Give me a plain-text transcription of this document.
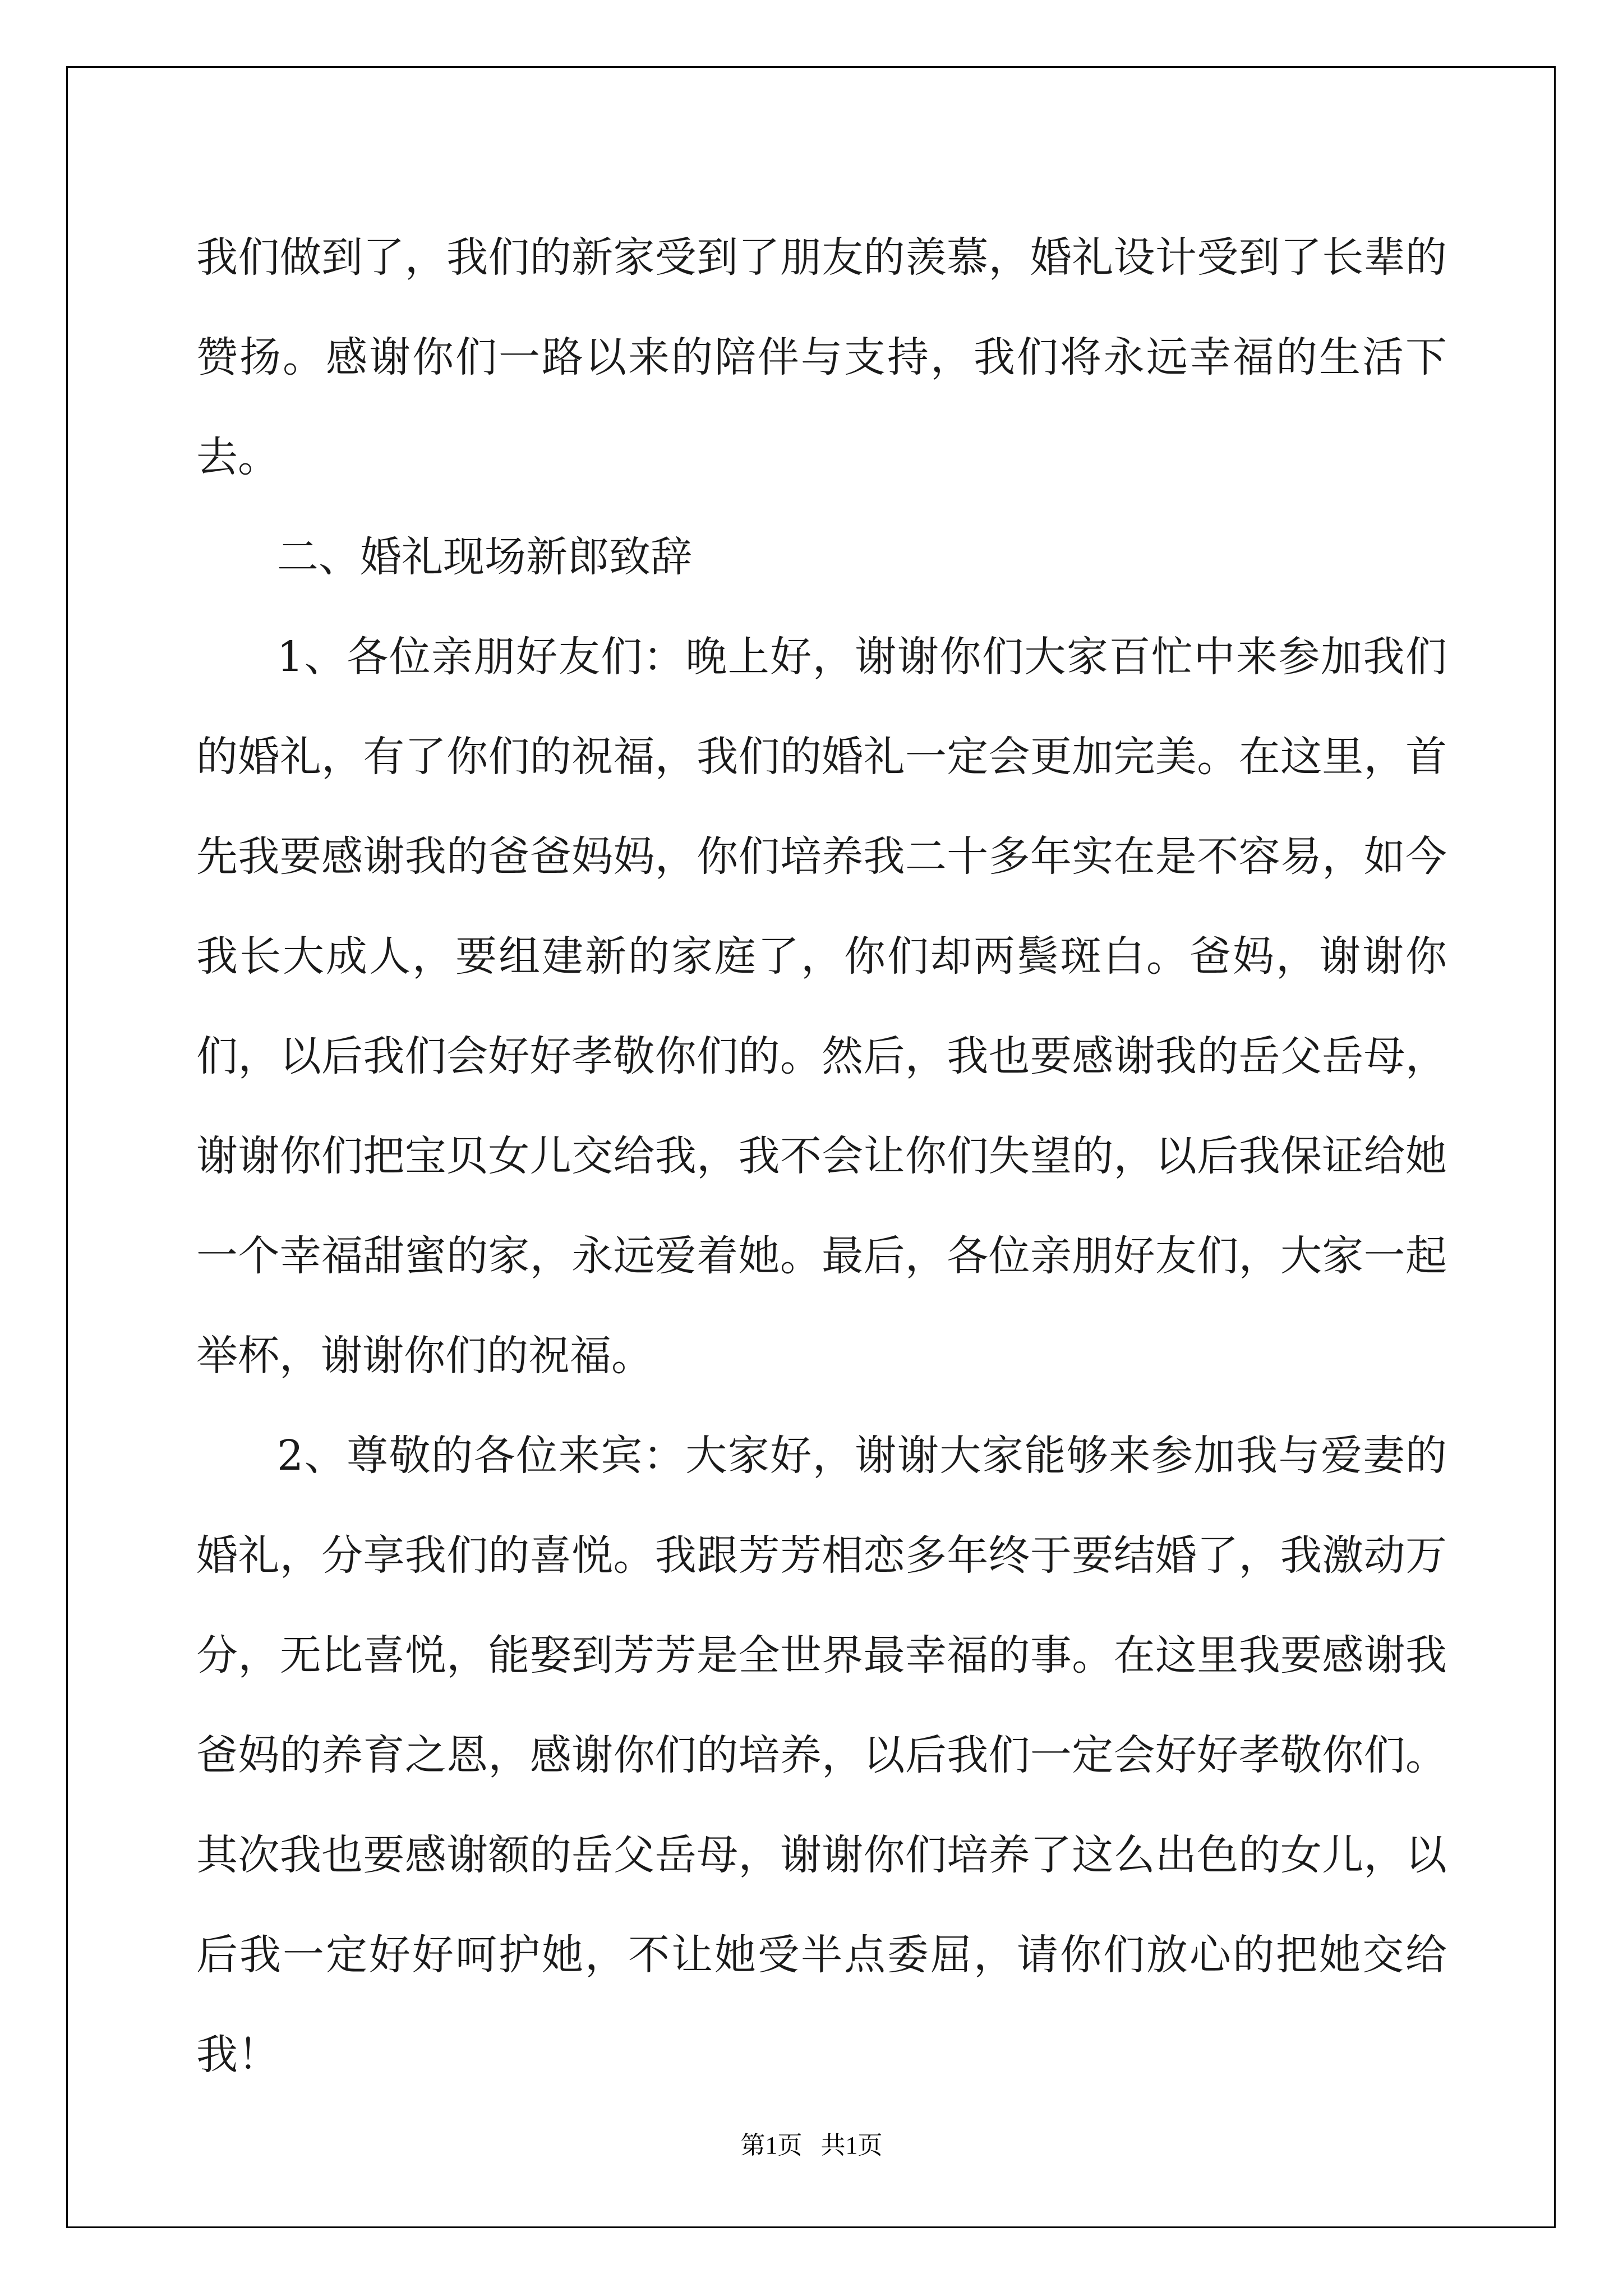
我们做到了，我们的新家受到了朋友的羡慕，婚礼设计受到了长辈的赞扬。感谢你们一路以来的陪伴与支持，我们将永远幸福的生活下去。

二、婚礼现场新郎致辞

1、各位亲朋好友们：晚上好，谢谢你们大家百忙中来参加我们的婚礼，有了你们的祝福，我们的婚礼一定会更加完美。在这里，首先我要感谢我的爸爸妈妈，你们培养我二十多年实在是不容易，如今我长大成人，要组建新的家庭了，你们却两鬓斑白。爸妈，谢谢你们，以后我们会好好孝敬你们的。然后，我也要感谢我的岳父岳母，谢谢你们把宝贝女儿交给我，我不会让你们失望的，以后我保证给她一个幸福甜蜜的家，永远爱着她。最后，各位亲朋好友们，大家一起举杯，谢谢你们的祝福。

2、尊敬的各位来宾：大家好，谢谢大家能够来参加我与爱妻的婚礼，分享我们的喜悦。我跟芳芳相恋多年终于要结婚了，我激动万分，无比喜悦，能娶到芳芳是全世界最幸福的事。在这里我要感谢我爸妈的养育之恩，感谢你们的培养，以后我们一定会好好孝敬你们。其次我也要感谢额的岳父岳母，谢谢你们培养了这么出色的女儿，以后我一定好好呵护她，不让她受半点委屈，请你们放心的把她交给我！

第1页   共1页
